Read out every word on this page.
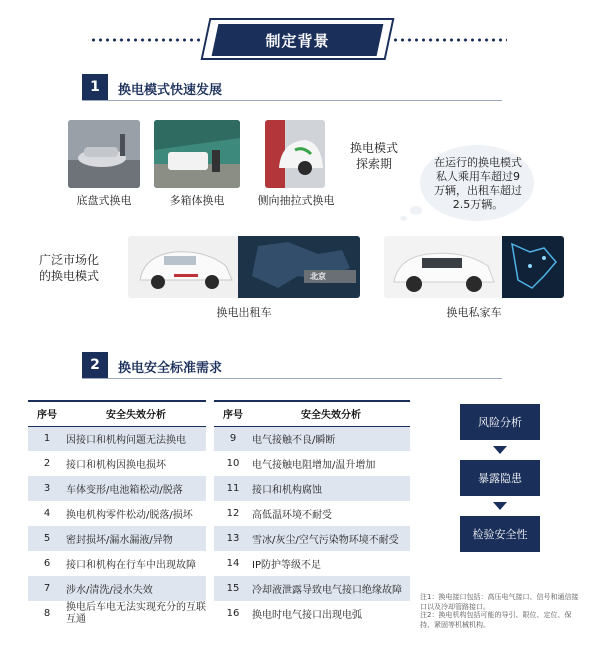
制定背景
1	换电模式快速发展
底盘式换电	多箱体换电	侧向抽拉式换电
换电模式
探索期	在运行的换电模式私人乘用车超过9万辆，出租车超过2.5万辆。
广泛市场化
的换电模式	北京
换电出租车	换电私家车
2	换电安全标准需求
序号	安全失效分析
1	因接口和机构问题无法换电
2	接口和机构因换电损坏
3	车体变形/电池箱松动/脱落
4	换电机构零件松动/脱落/损坏
5	密封损坏/漏水漏液/异物
6	接口和机构在行车中出现故障
7	涉水/清洗/浸水失效
8	换电后车电无法实现充分的互联互通
序号	安全失效分析
9	电气接触不良/瞬断
10	电气接触电阻增加/温升增加
11	接口和机构腐蚀
12	高低温环境不耐受
13	雪冰/灰尘/空气污染物环境不耐受
14	IP防护等级不足
15	冷却液泄露导致电气接口绝缘故障
16	换电时电气接口出现电弧
风险分析
暴露隐患
检验安全性
注1：换电接口包括：高压电气接口、信号和通信接口以及冷却管路接口。
注2：换电机构包括可能的导引、限位、定位、保持、紧固等机械机构。
